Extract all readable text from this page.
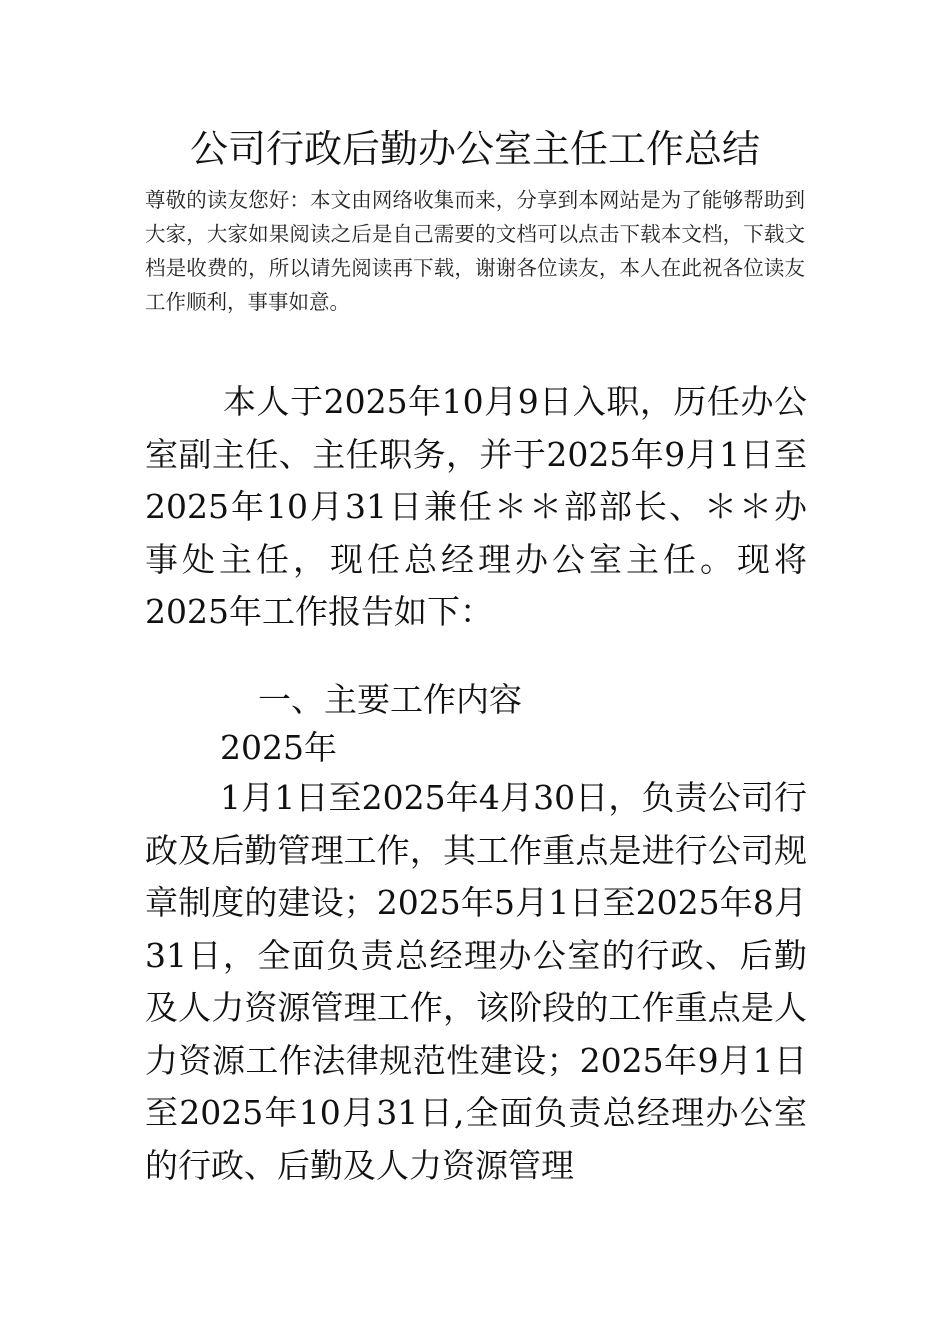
公司行政后勤办公室主任工作总结

尊敬的读友您好：本文由网络收集而来，分享到本网站是为了能够帮助到大家，大家如果阅读之后是自己需要的文档可以点击下载本文档，下载文档是收费的，所以请先阅读再下载，谢谢各位读友，本人在此祝各位读友工作顺利，事事如意。

本人于2025年10月9日入职，历任办公室副主任、主任职务，并于2025年9月1日至2025年10月31日兼任＊＊部部长、＊＊办事处主任，现任总经理办公室主任。现将2025年工作报告如下：

一、主要工作内容

2025年

1月1日至2025年4月30日，负责公司行政及后勤管理工作，其工作重点是进行公司规章制度的建设；2025年5月1日至2025年8月31日，全面负责总经理办公室的行政、后勤及人力资源管理工作，该阶段的工作重点是人力资源工作法律规范性建设；2025年9月1日至2025年10月31日,全面负责总经理办公室的行政、后勤及人力资源管理
